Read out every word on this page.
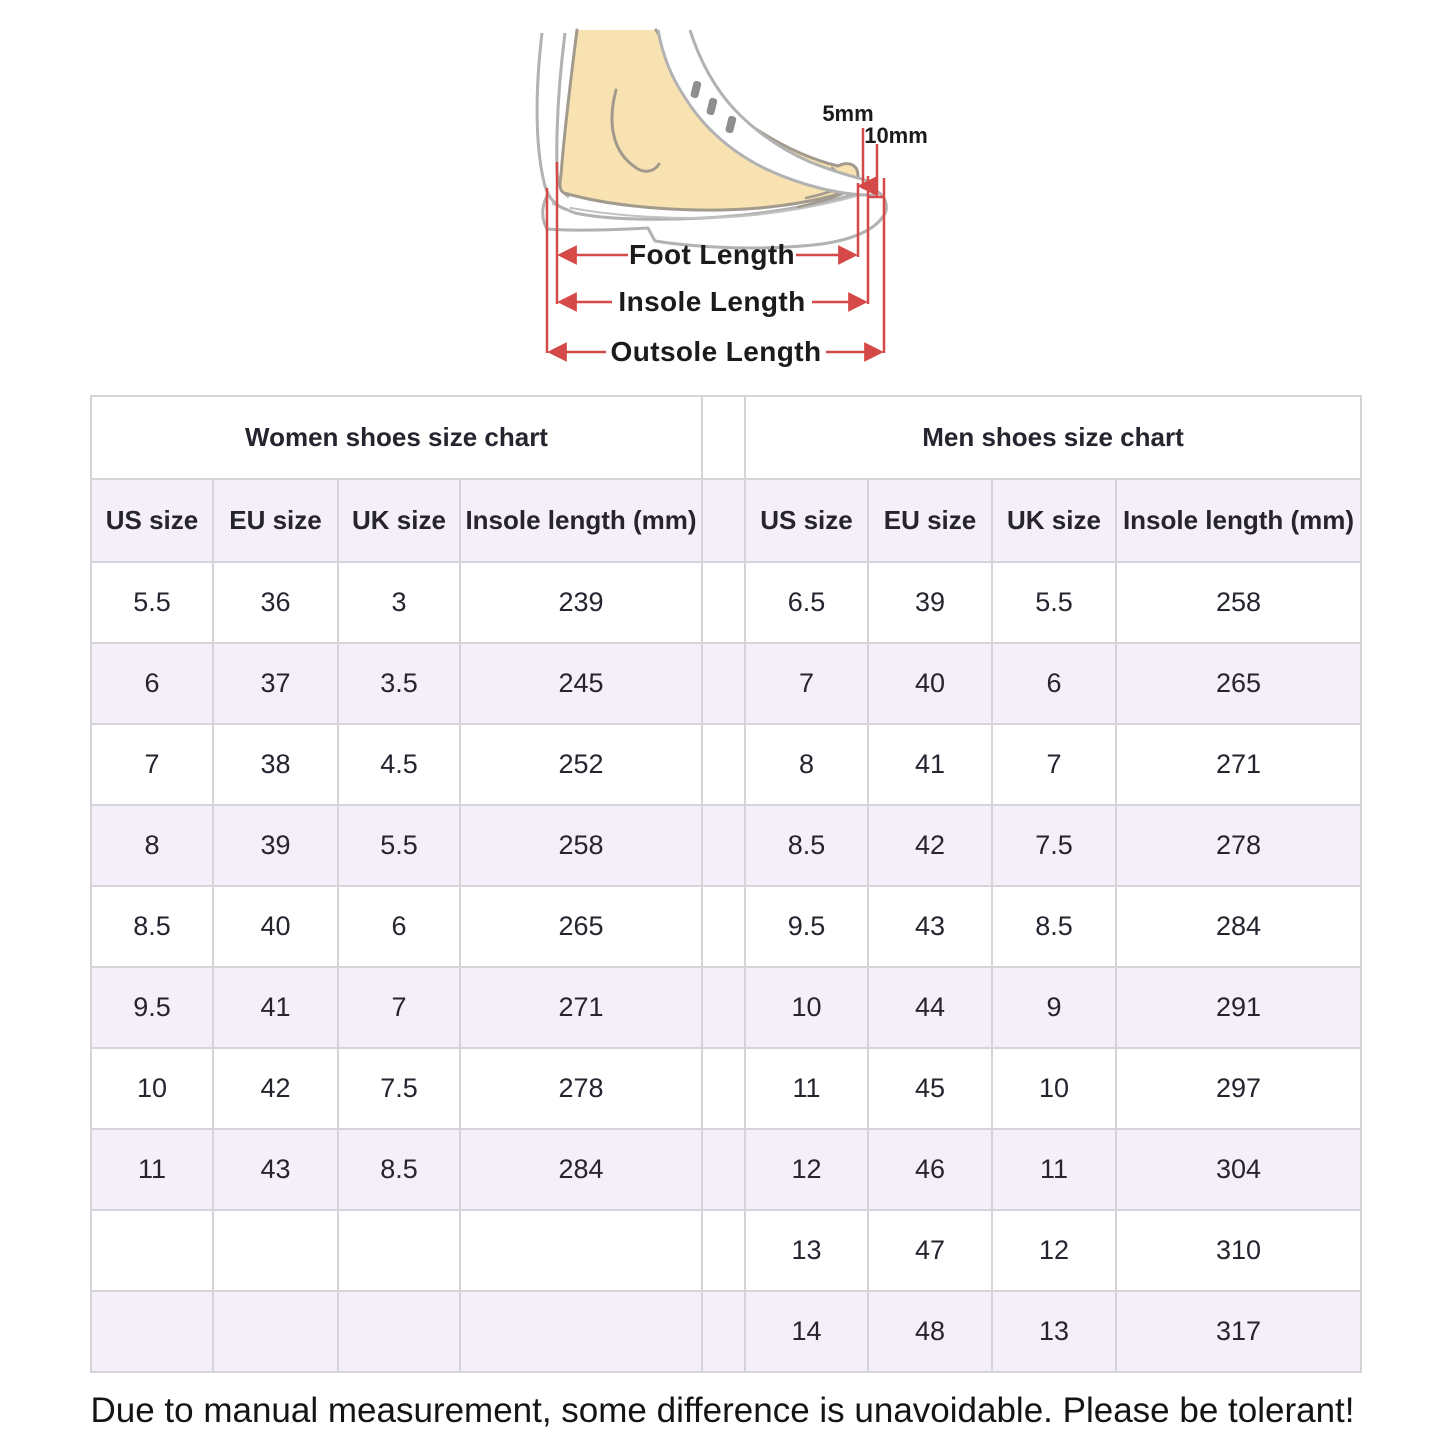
Foot Length
Insole Length
Outsole Length
5mm
10mm
Women shoes size chart					Men shoes size chart			
US size	EU size	UK size	Insole length (mm)		US size	EU size	UK size	Insole length (mm)
5.5	36	3	239		6.5	39	5.5	258
6	37	3.5	245		7	40	6	265
7	38	4.5	252		8	41	7	271
8	39	5.5	258		8.5	42	7.5	278
8.5	40	6	265		9.5	43	8.5	284
9.5	41	7	271		10	44	9	291
10	42	7.5	278		11	45	10	297
11	43	8.5	284		12	46	11	304
					13	47	12	310
					14	48	13	317
Due to manual measurement, some difference is unavoidable. Please be tolerant!
